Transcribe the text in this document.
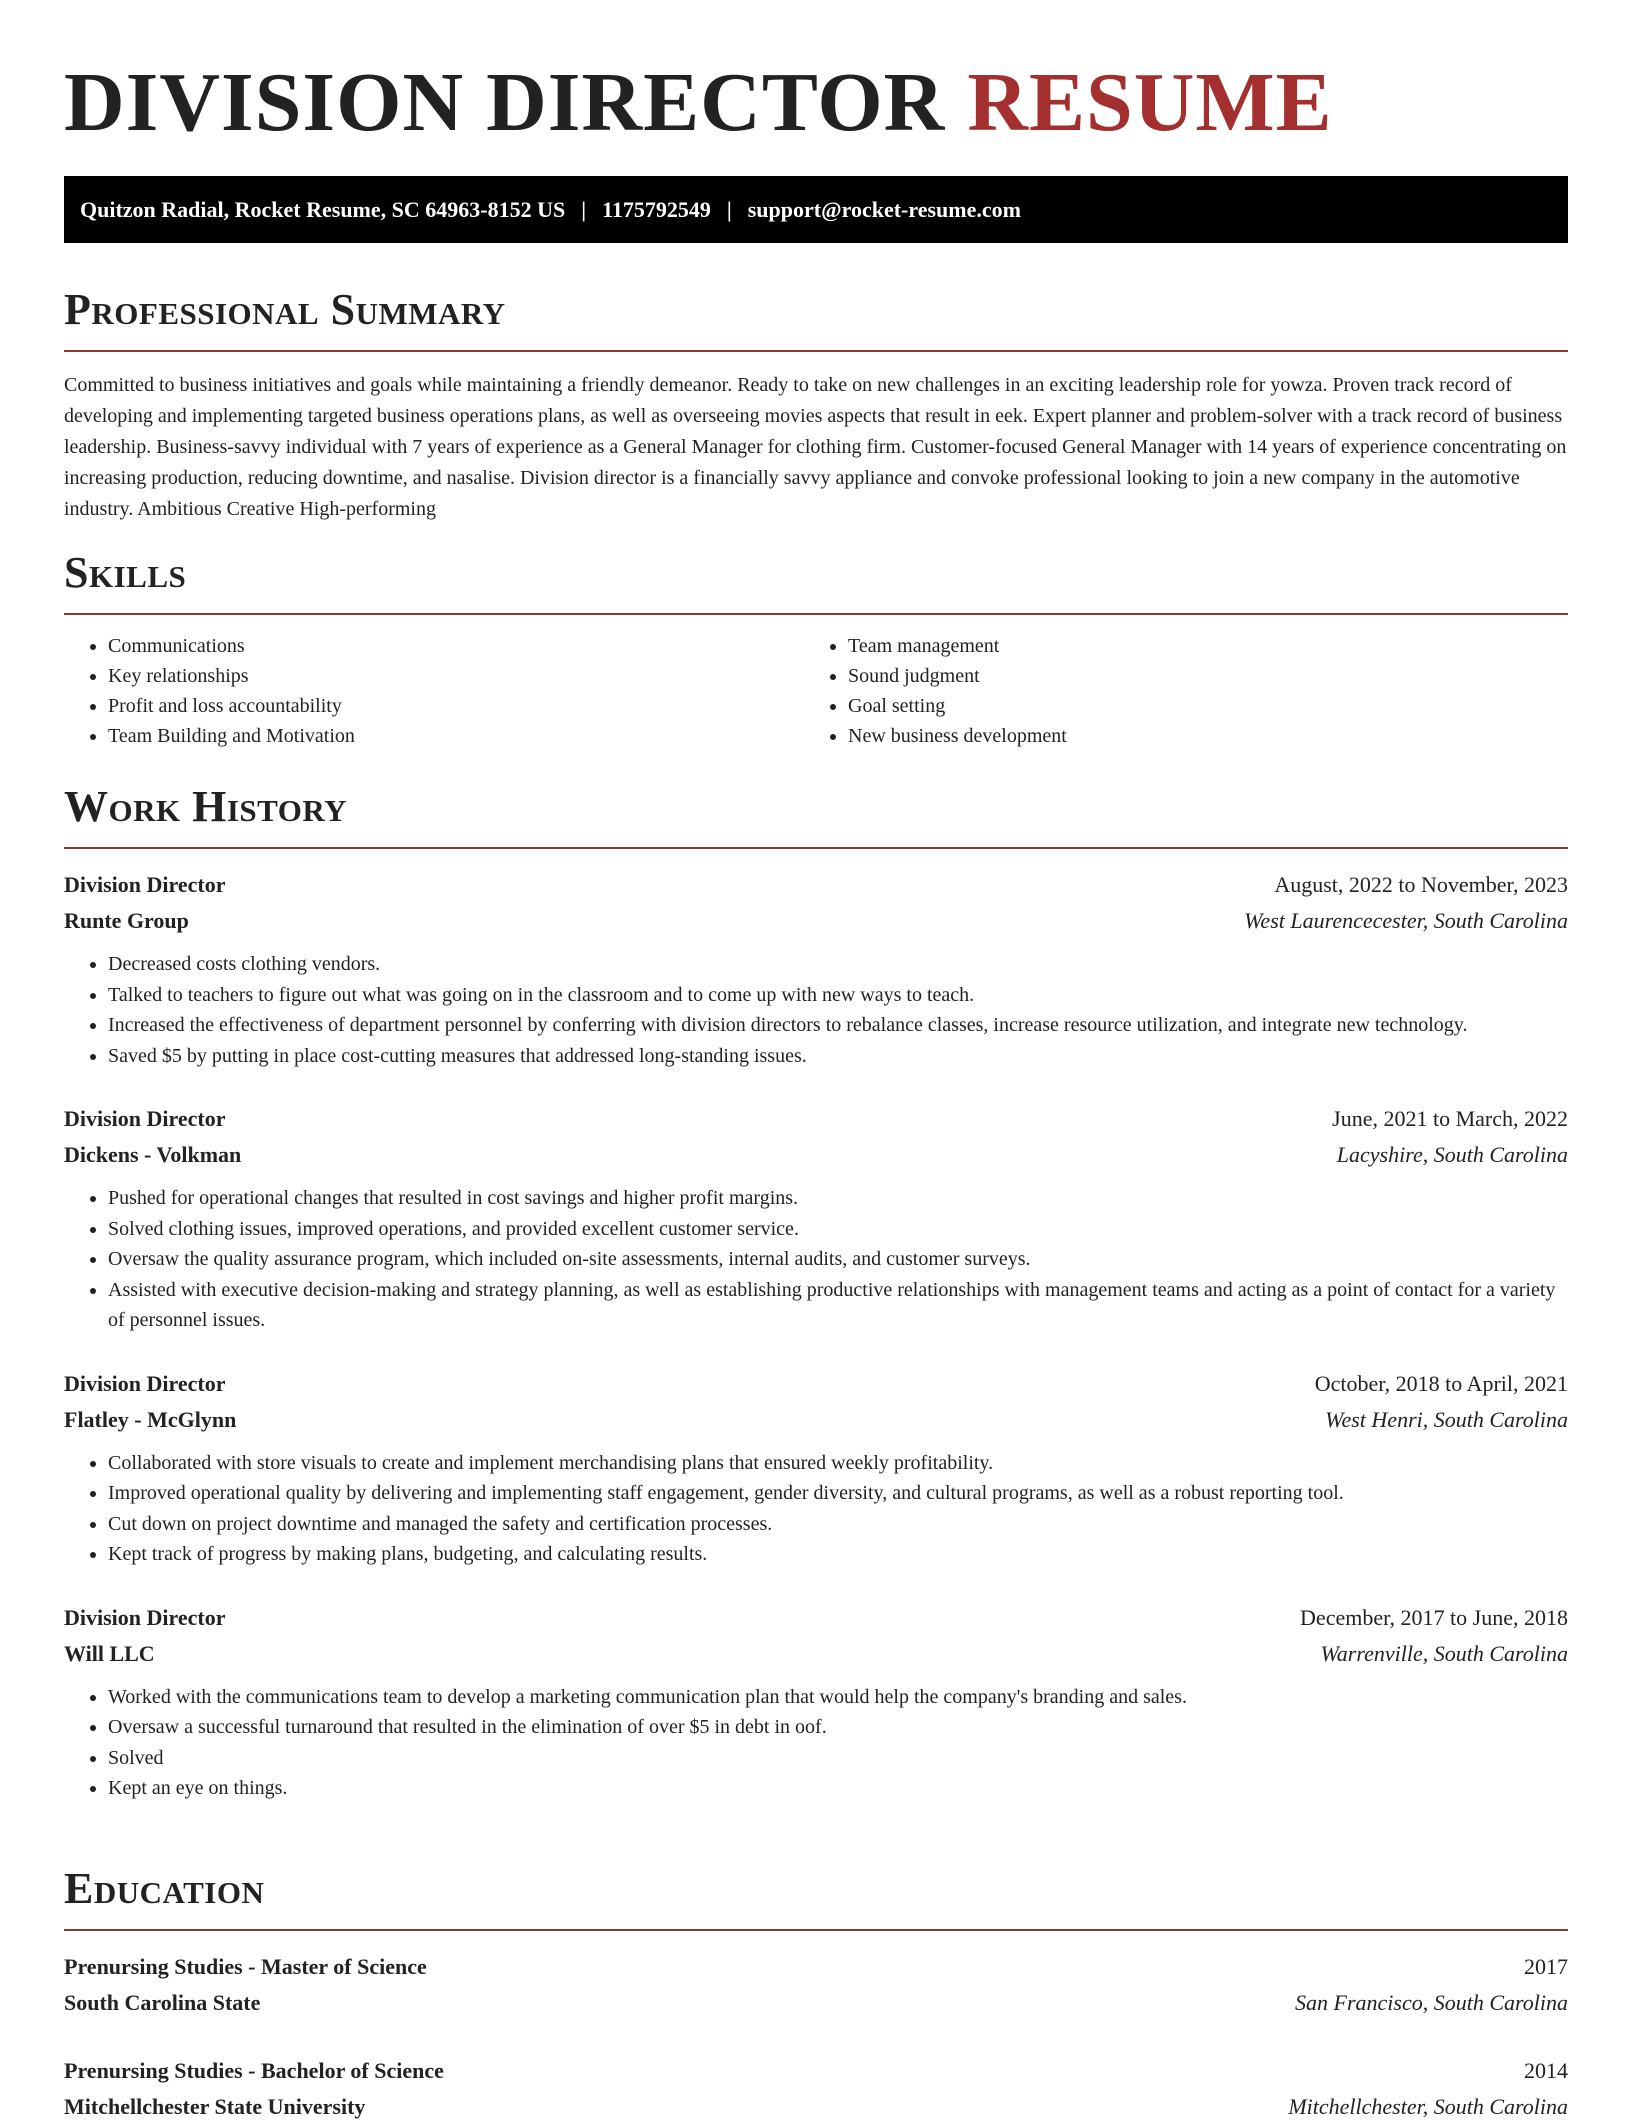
DIVISION DIRECTOR RESUME
Quitzon Radial, Rocket Resume, SC 64963-8152 US | 1175792549 | support@rocket-resume.com
Professional Summary

Committed to business initiatives and goals while maintaining a friendly demeanor. Ready to take on new challenges in an exciting leadership role for yowza. Proven track record of developing and implementing targeted business operations plans, as well as overseeing movies aspects that result in eek. Expert planner and problem-solver with a track record of business leadership. Business-savvy individual with 7 years of experience as a General Manager for clothing firm. Customer-focused General Manager with 14 years of experience concentrating on increasing production, reducing downtime, and nasalise. Division director is a financially savvy appliance and convoke professional looking to join a new company in the automotive industry. Ambitious Creative High-performing

Skills
• Communications
• Key relationships
• Profit and loss accountability
• Team Building and Motivation
• Team management
• Sound judgment
• Goal setting
• New business development
Work History
Division Director	August, 2022 to November, 2023
Runte Group	West Laurencecester, South Carolina
• Decreased costs clothing vendors.
• Talked to teachers to figure out what was going on in the classroom and to come up with new ways to teach.
• Increased the effectiveness of department personnel by conferring with division directors to rebalance classes, increase resource utilization, and integrate new technology.
• Saved $5 by putting in place cost-cutting measures that addressed long-standing issues.
Division Director	June, 2021 to March, 2022
Dickens - Volkman	Lacyshire, South Carolina
• Pushed for operational changes that resulted in cost savings and higher profit margins.
• Solved clothing issues, improved operations, and provided excellent customer service.
• Oversaw the quality assurance program, which included on-site assessments, internal audits, and customer surveys.
• Assisted with executive decision-making and strategy planning, as well as establishing productive relationships with management teams and acting as a point of contact for a variety of personnel issues.
Division Director	October, 2018 to April, 2021
Flatley - McGlynn	West Henri, South Carolina
• Collaborated with store visuals to create and implement merchandising plans that ensured weekly profitability.
• Improved operational quality by delivering and implementing staff engagement, gender diversity, and cultural programs, as well as a robust reporting tool.
• Cut down on project downtime and managed the safety and certification processes.
• Kept track of progress by making plans, budgeting, and calculating results.
Division Director	December, 2017 to June, 2018
Will LLC	Warrenville, South Carolina
• Worked with the communications team to develop a marketing communication plan that would help the company's branding and sales.
• Oversaw a successful turnaround that resulted in the elimination of over $5 in debt in oof.
• Solved
• Kept an eye on things.
Education
Prenursing Studies - Master of Science	2017
South Carolina State	San Francisco, South Carolina
Prenursing Studies - Bachelor of Science	2014
Mitchellchester State University	Mitchellchester, South Carolina
